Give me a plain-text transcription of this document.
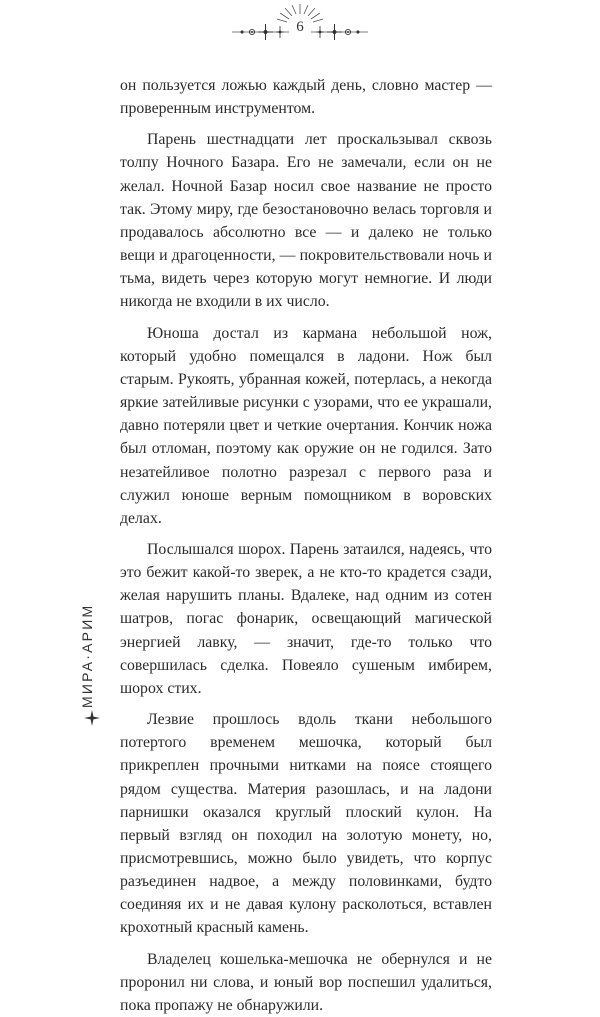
6

он пользуется ложью каждый день, словно мастер — проверенным инструментом.

Парень шестнадцати лет проскальзывал сквозь толпу Ночного Базара. Его не замечали, если он не желал. Ночной Базар носил свое название не просто так. Этому миру, где безостановочно велась торговля и продавалось абсолютно все — и далеко не только вещи и драгоценности, — покровительствовали ночь и тьма, видеть через которую могут немногие. И люди никогда не входили в их число.

Юноша достал из кармана небольшой нож, который удобно помещался в ладони. Нож был старым. Рукоять, убранная кожей, потерлась, а некогда яркие затейливые рисунки с узорами, что ее украшали, давно потеряли цвет и четкие очертания. Кончик ножа был отломан, поэтому как оружие он не годился. Зато незатейливое полотно разрезал с первого раза и служил юноше верным помощником в воровских делах.

Послышался шорох. Парень затаился, надеясь, что это бежит какой-то зверек, а не кто-то крадется сзади, желая нарушить планы. Вдалеке, над одним из сотен шатров, погас фонарик, освещающий магической энергией лавку, — значит, где-то только что совершилась сделка. Повеяло сушеным имбирем, шорох стих.

Лезвие прошлось вдоль ткани небольшого потертого временем мешочка, который был прикреплен прочными нитками на поясе стоящего рядом существа. Материя разошлась, и на ладони парнишки оказался круглый плоский кулон. На первый взгляд он походил на золотую монету, но, присмотревшись, можно было увидеть, что корпус разъединен надвое, а между половинками, будто соединяя их и не давая кулону расколоться, вставлен крохотный красный камень.

Владелец кошелька-мешочка не обернулся и не проронил ни слова, и юный вор поспешил удалиться, пока пропажу не обнаружили.

МИРА·АРИМ
